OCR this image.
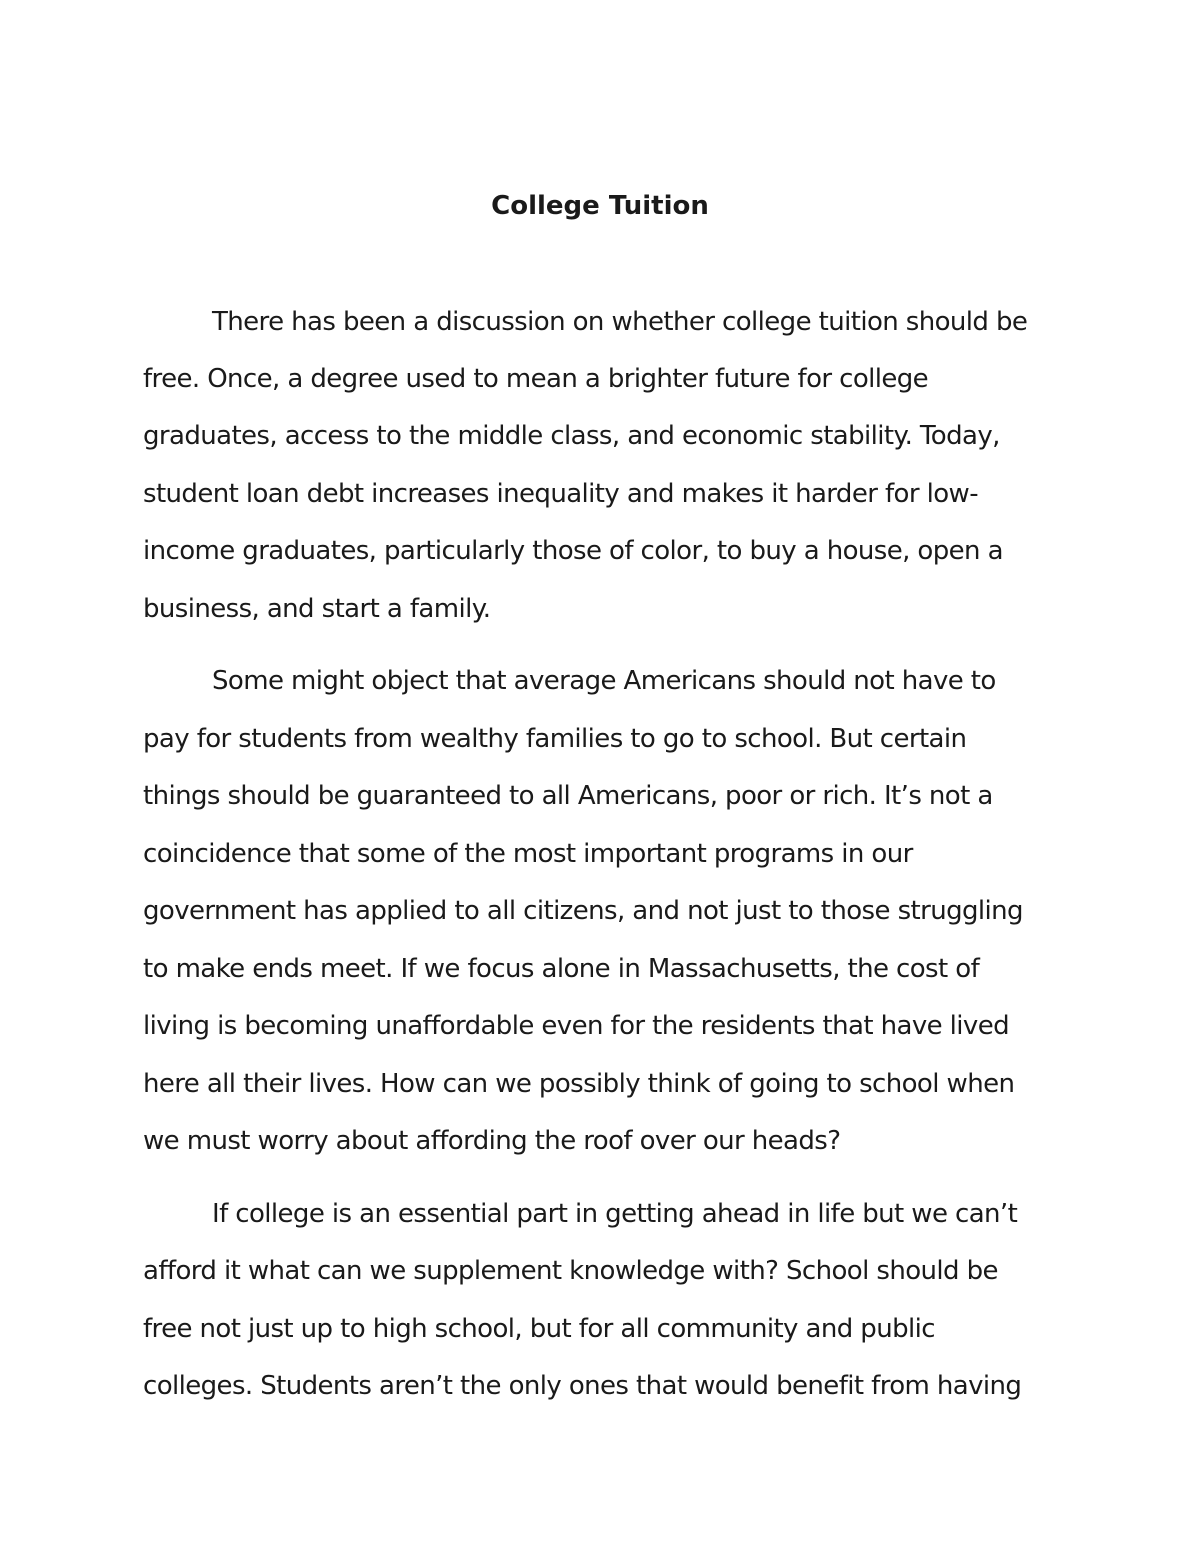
College Tuition

There has been a discussion on whether college tuition should be

free. Once, a degree used to mean a brighter future for college

graduates, access to the middle class, and economic stability. Today,

student loan debt increases inequality and makes it harder for low-

income graduates, particularly those of color, to buy a house, open a

business, and start a family.

Some might object that average Americans should not have to

pay for students from wealthy families to go to school. But certain

things should be guaranteed to all Americans, poor or rich. It’s not a

coincidence that some of the most important programs in our

government has applied to all citizens, and not just to those struggling

to make ends meet. If we focus alone in Massachusetts, the cost of

living is becoming unaffordable even for the residents that have lived

here all their lives. How can we possibly think of going to school when

we must worry about affording the roof over our heads?

If college is an essential part in getting ahead in life but we can’t

afford it what can we supplement knowledge with? School should be

free not just up to high school, but for all community and public

colleges. Students aren’t the only ones that would benefit from having
